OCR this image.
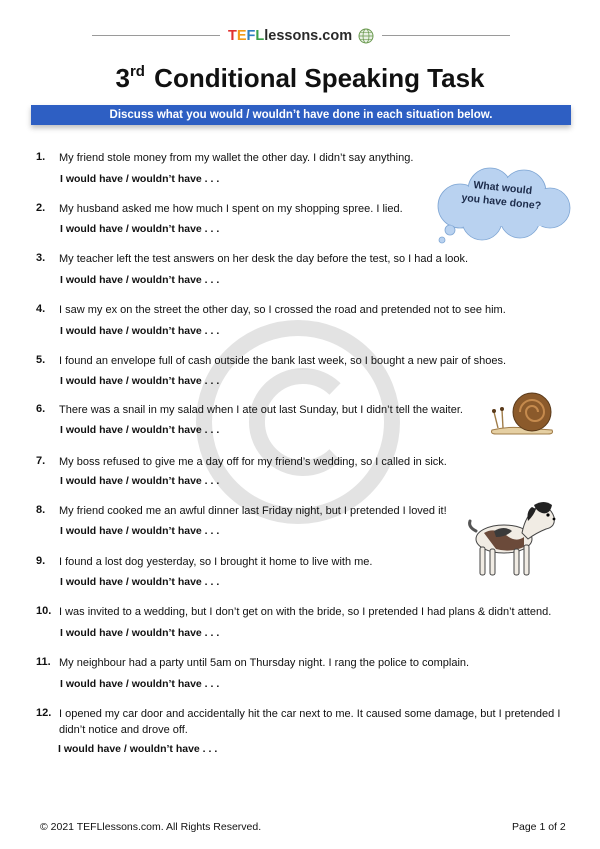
TEFLlessons.com
3rd Conditional Speaking Task
Discuss what you would / wouldn’t have done in each situation below.
What would
you have done?
1. My friend stole money from my wallet the other day. I didn’t say anything.
I would have / wouldn’t have . . .
2. My husband asked me how much I spent on my shopping spree. I lied.
I would have / wouldn’t have . . .
3. My teacher left the test answers on her desk the day before the test, so I had a look.
I would have / wouldn’t have . . .
4. I saw my ex on the street the other day, so I crossed the road and pretended not to see him.
I would have / wouldn’t have . . .
5. I found an envelope full of cash outside the bank last week, so I bought a new pair of shoes.
I would have / wouldn’t have . . .
6. There was a snail in my salad when I ate out last Sunday, but I didn’t tell the waiter.
I would have / wouldn’t have . . .
7. My boss refused to give me a day off for my friend’s wedding, so I called in sick.
I would have / wouldn’t have . . .
8. My friend cooked me an awful dinner last Friday night, but I pretended I loved it!
I would have / wouldn’t have . . .
9. I found a lost dog yesterday, so I brought it home to live with me.
I would have / wouldn’t have . . .
10. I was invited to a wedding, but I don’t get on with the bride, so I pretended I had plans & didn’t attend.
I would have / wouldn’t have . . .
11. My neighbour had a party until 5am on Thursday night. I rang the police to complain.
I would have / wouldn’t have . . .
12. I opened my car door and accidentally hit the car next to me. It caused some damage, but I pretended I didn’t notice and drove off.
I would have / wouldn’t have . . .
© 2021 TEFLlessons.com. All Rights Reserved.	Page 1 of 2
